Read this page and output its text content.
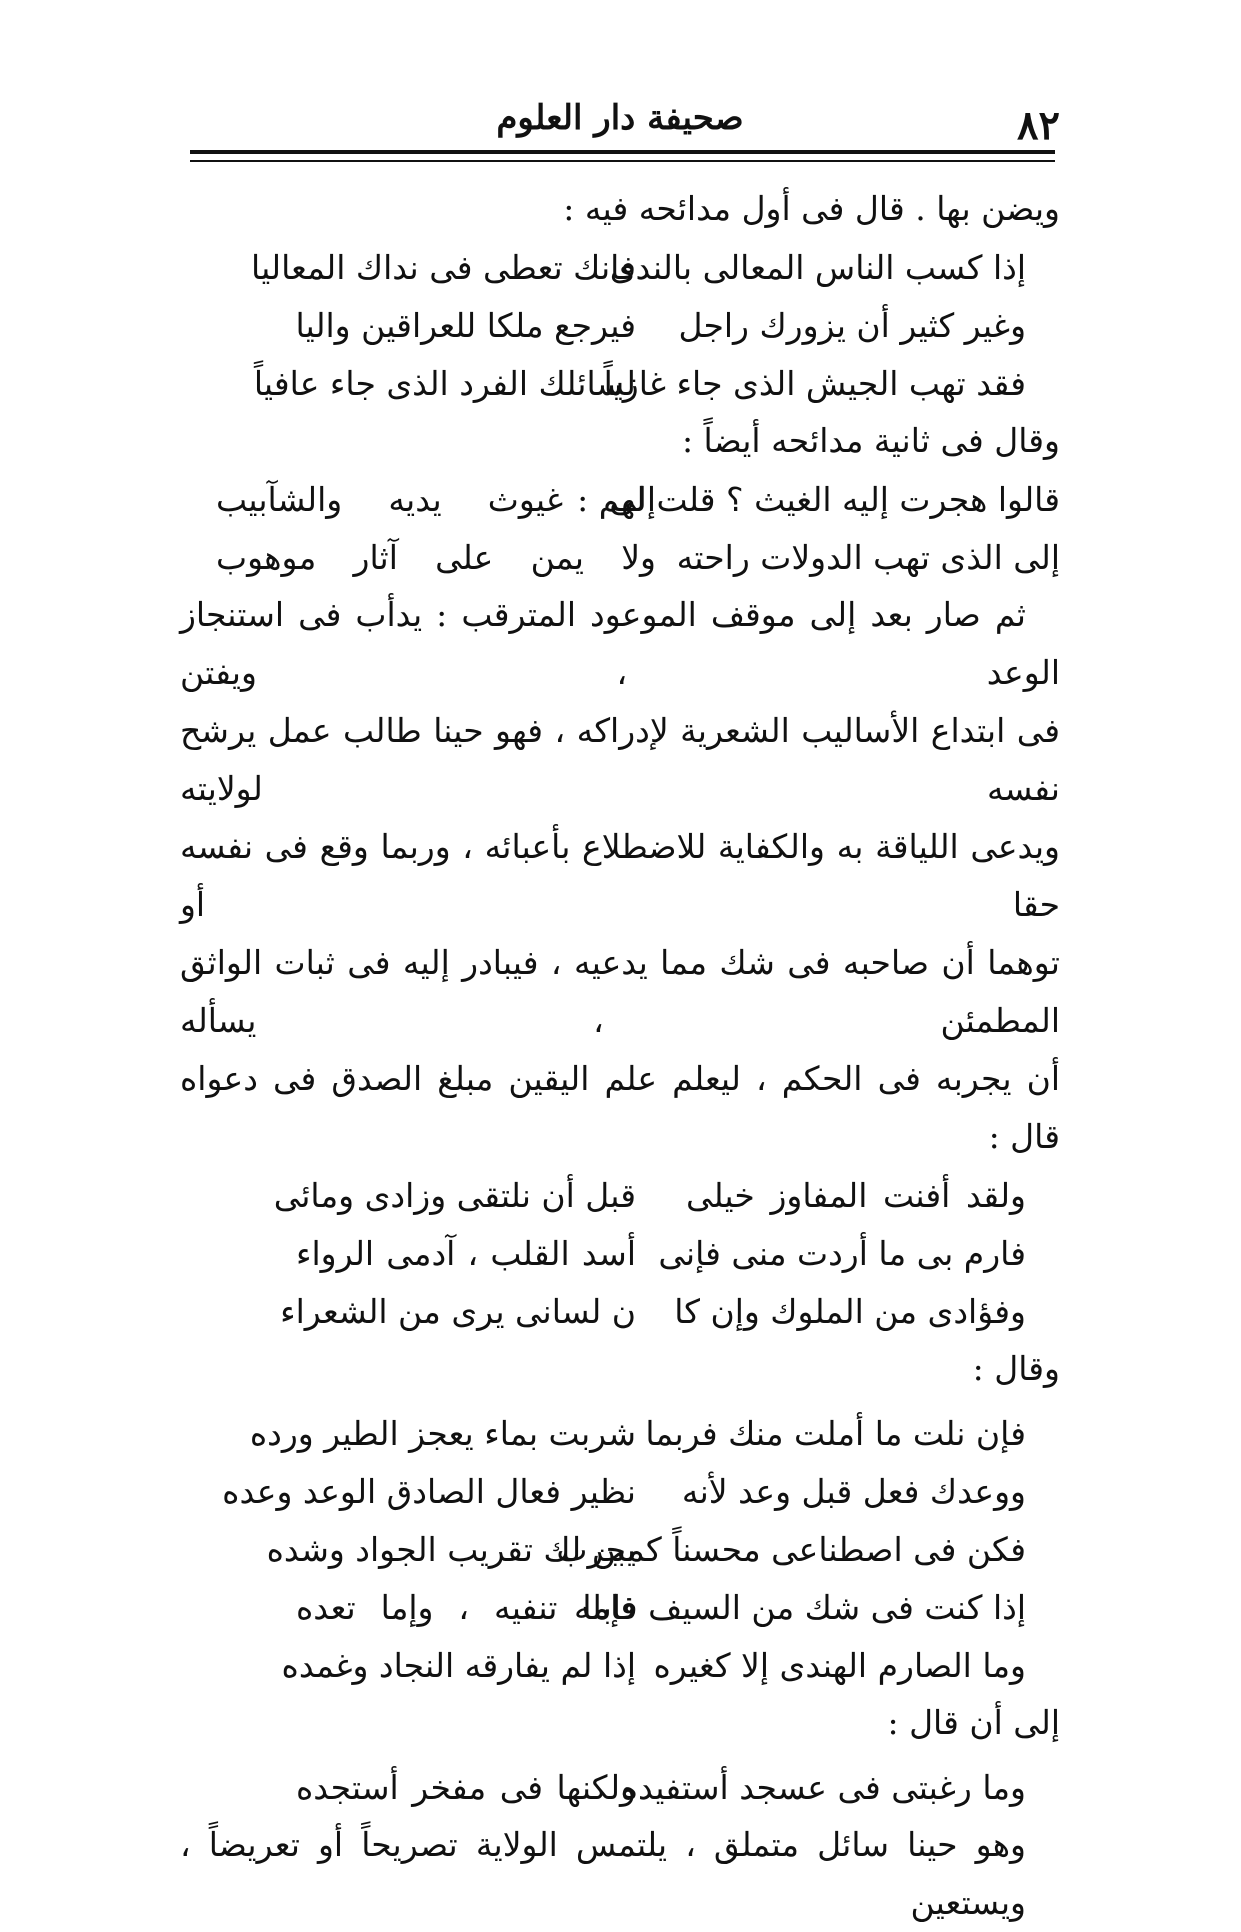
٨٢
صحيفة دار العلوم

ويضن بها . قال فى أول مدائحه فيه :

إذا كسب الناس المعالى بالندى
فانك تعطى فى نداك المعاليا
وغير كثير أن يزورك راجل
فيرجع ملكا للعراقين واليا
فقد تهب الجيش الذى جاء غازياً
لسائلك الفرد الذى جاء عافياً

وقال فى ثانية مدائحه أيضاً :

قالوا هجرت إليه الغيث ؟ قلت لهم :
إلى غيوث يديه والشآبيب
إلى الذى تهب الدولات راحته
ولا يمن على آثار موهوب

ثم صار بعد إلى موقف الموعود المترقب : يدأب فى استنجاز الوعد ، ويفتن

فى ابتداع الأساليب الشعرية لإدراكه ، فهو حينا طالب عمل يرشح نفسه لولايته

ويدعى اللياقة به والكفاية للاضطلاع بأعبائه ، وربما وقع فى نفسه حقا أو

توهما أن صاحبه فى شك مما يدعيه ، فيبادر إليه فى ثبات الواثق المطمئن ، يسأله

أن يجربه فى الحكم ، ليعلم علم اليقين مبلغ الصدق فى دعواه قال :

ولقد أفنت المفاوز خيلى
قبل أن نلتقى وزادى ومائى
فارم بى ما أردت منى فإنى
أسد القلب ، آدمى الرواء
وفؤادى من الملوك وإن كا
ن لسانى يرى من الشعراء

وقال :

فإن نلت ما أملت منك فربما
شربت بماء يعجز الطير ورده
ووعدك فعل قبل وعد لأنه
نظير فعال الصادق الوعد وعده
فكن فى اصطناعى محسناً كمجرب
يبن لك تقريب الجواد وشده
إذا كنت فى شك من السيف فابله
فإما تنفيه ، وإما تعده
وما الصارم الهندى إلا كغيره
إذا لم يفارقه النجاد وغمده

إلى أن قال :

وما رغبتى فى عسجد أستفيده
ولكنها فى مفخر أستجده

وهو حينا سائل متملق ، يلتمس الولاية تصريحاً أو تعريضاً ، ويستعين
